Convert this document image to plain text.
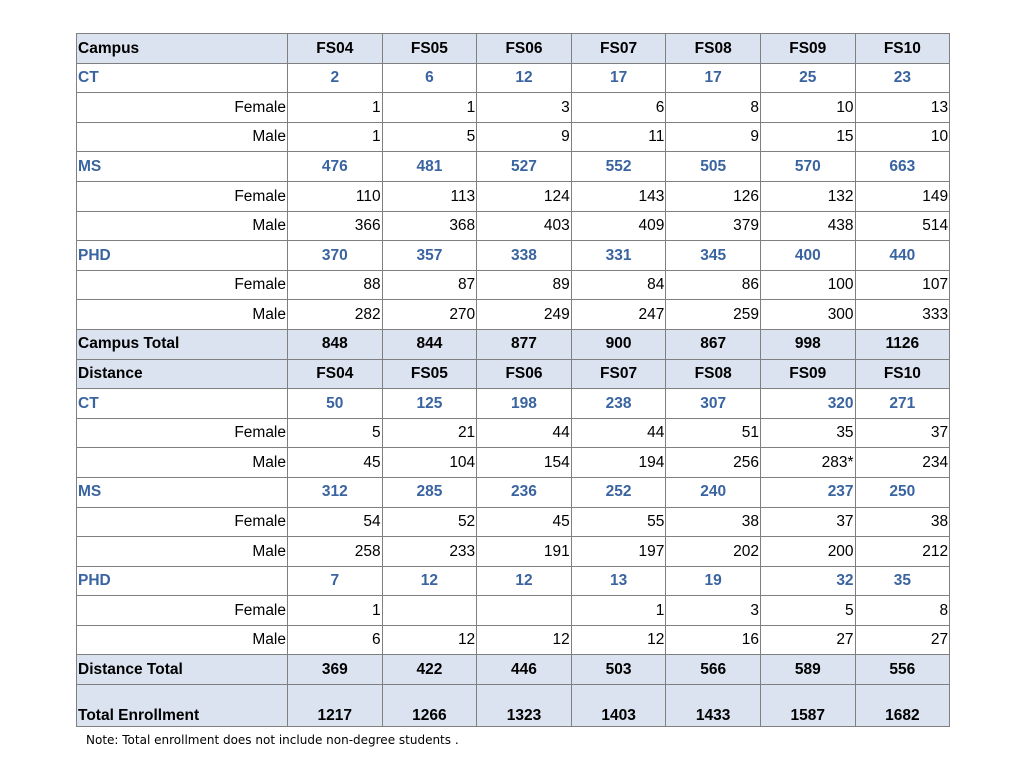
Campus	FS04	FS05	FS06	FS07	FS08	FS09	FS10
CT	2	6	12	17	17	25	23
Female	1	1	3	6	8	10	13
Male	1	5	9	11	9	15	10
MS	476	481	527	552	505	570	663
Female	110	113	124	143	126	132	149
Male	366	368	403	409	379	438	514
PHD	370	357	338	331	345	400	440
Female	88	87	89	84	86	100	107
Male	282	270	249	247	259	300	333
Campus Total	848	844	877	900	867	998	1126
Distance	FS04	FS05	FS06	FS07	FS08	FS09	FS10
CT	50	125	198	238	307	320	271
Female	5	21	44	44	51	35	37
Male	45	104	154	194	256	283*	234
MS	312	285	236	252	240	237	250
Female	54	52	45	55	38	37	38
Male	258	233	191	197	202	200	212
PHD	7	12	12	13	19	32	35
Female	1			1	3	5	8
Male	6	12	12	12	16	27	27
Distance Total	369	422	446	503	566	589	556
Total Enrollment	1217	1266	1323	1403	1433	1587	1682
Note: Total enrollment does not include non-degree students .
